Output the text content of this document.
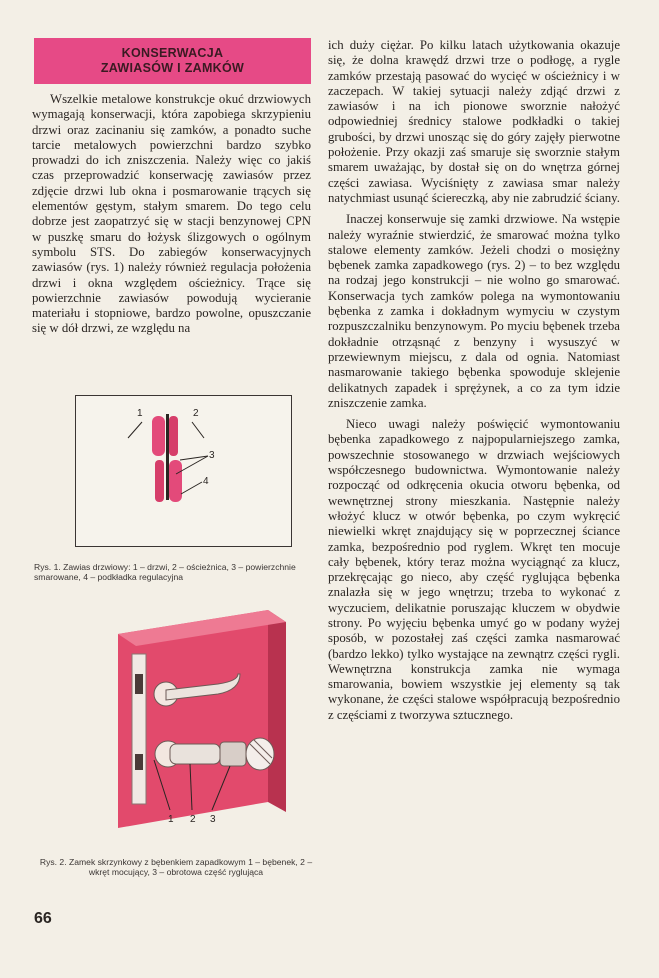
KONSERWACJA
ZAWIASÓW I ZAMKÓW

Wszelkie metalowe konstrukcje okuć drzwiowych wymagają konserwacji, która zapobiega skrzypieniu drzwi oraz zacinaniu się zamków, a ponadto suche tarcie metalowych powierzchni bardzo szybko prowadzi do ich zniszczenia. Należy więc co jakiś czas przeprowadzić konserwację zawiasów przez zdjęcie drzwi lub okna i posmarowanie trących się elementów gęstym, stałym smarem. Do tego celu dobrze jest zaopatrzyć się w stacji benzynowej CPN w puszkę smaru do łożysk ślizgowych o ogólnym symbolu STS. Do zabiegów konserwacyjnych zawiasów (rys. 1) należy również regulacja położenia drzwi i okna względem ościeżnicy. Trące się powierzchnie zawiasów powodują wycieranie materiału i stopniowe, bardzo powolne, opuszczanie się w dół drzwi, ze względu na

1	2
3
4
Rys. 1. Zawias drzwiowy: 1 – drzwi, 2 – ościeżnica, 3 – powierzchnie smarowane, 4 – podkładka regulacyjna
1 2 3
Rys. 2. Zamek skrzynkowy z bębenkiem zapadkowym 1 – bębenek, 2 – wkręt mocujący, 3 – obrotowa część ryglująca

ich duży ciężar. Po kilku latach użytkowania okazuje się, że dolna krawędź drzwi trze o podłogę, a rygle zamków przestają pasować do wycięć w ościeżnicy i w zaczepach. W takiej sytuacji należy zdjąć drzwi z zawiasów i na ich pionowe sworznie nałożyć odpowiedniej średnicy stalowe podkładki o takiej grubości, by drzwi unosząc się do góry zajęły pierwotne położenie. Przy okazji zaś smaruje się sworznie stałym smarem uważając, by dostał się on do wnętrza górnej części zawiasa. Wyciśnięty z zawiasa smar należy natychmiast usunąć ściereczką, aby nie zabrudzić ściany.

Inaczej konserwuje się zamki drzwiowe. Na wstępie należy wyraźnie stwierdzić, że smarować można tylko stalowe elementy zamków. Jeżeli chodzi o mosiężny bębenek zamka zapadkowego (rys. 2) – to bez względu na rodzaj jego konstrukcji – nie wolno go smarować. Konserwacja tych zamków polega na wymontowaniu bębenka z zamka i dokładnym wymyciu w czystym rozpuszczalniku benzynowym. Po myciu bębenek trzeba dokładnie otrząsnąć z benzyny i wysuszyć w przewiewnym miejscu, z dala od ognia. Natomiast nasmarowanie takiego bębenka spowoduje sklejenie delikatnych zapadek i sprężynek, a co za tym idzie zniszczenie zamka.

Nieco uwagi należy poświęcić wymontowaniu bębenka zapadkowego z najpopularniejszego zamka, powszechnie stosowanego w drzwiach wejściowych współczesnego budownictwa. Wymontowanie należy rozpocząć od odkręcenia okucia otworu bębenka, od wewnętrznej strony mieszkania. Następnie należy włożyć klucz w otwór bębenka, po czym wykręcić niewielki wkręt znajdujący się w poprzecznej ściance zamka, bezpośrednio pod ryglem. Wkręt ten mocuje cały bębenek, który teraz można wyciągnąć za klucz, przekręcając go nieco, aby część ryglująca bębenka znalazła się w jego wnętrzu; trzeba to wykonać z wyczuciem, delikatnie poruszając kluczem w obydwie strony. Po wyjęciu bębenka umyć go w podany wyżej sposób, w pozostałej zaś części zamka nasmarować (bardzo lekko) tylko wystające na zewnątrz części rygli. Wewnętrzna konstrukcja zamka nie wymaga smarowania, bowiem wszystkie jej elementy są tak wykonane, że części stalowe współpracują bezpośrednio z częściami z tworzywa sztucznego.

66
